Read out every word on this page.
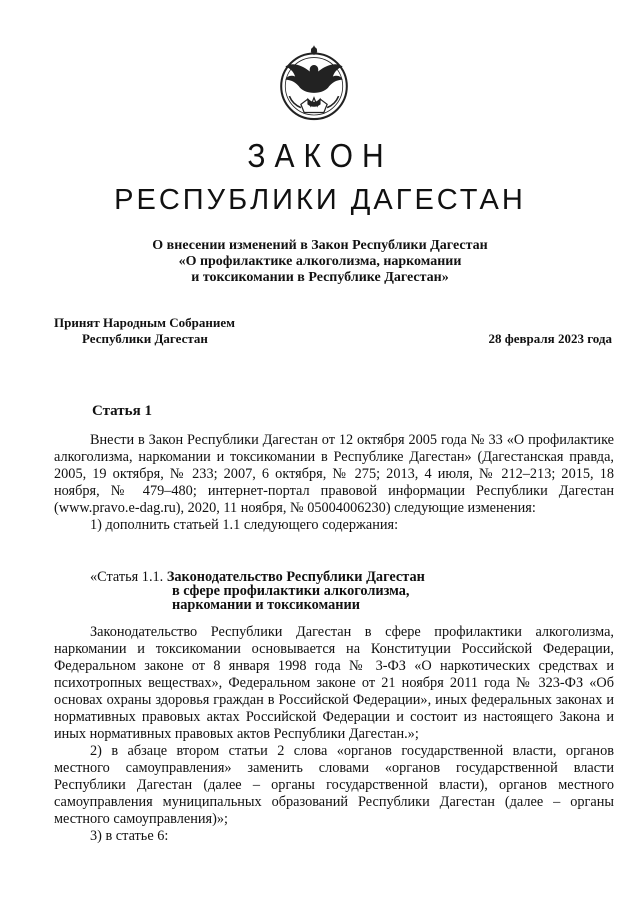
ЗАКОН
РЕСПУБЛИКИ ДАГЕСТАН
О внесении изменений в Закон Республики Дагестан
«О профилактике алкоголизма, наркомании
и токсикомании в Республике Дагестан»
Принят Народным Собранием
Республики Дагестан	28 февраля 2023 года
Статья 1

Внести в Закон Республики Дагестан от 12 октября 2005 года № 33 «О профилактике алкоголизма, наркомании и токсикомании в Республике Дагестан» (Дагестанская правда, 2005, 19 октября, № 233; 2007, 6 октября, № 275; 2013, 4 июля, № 212–213; 2015, 18 ноября, № 479–480; интернет-портал правовой информации Республики Дагестан (www.pravo.e-dag.ru), 2020, 11 ноября, № 05004006230) следующие изменения:

1) дополнить статьей 1.1 следующего содержания:

«Статья 1.1. Законодательство Республики Дагестан
в сфере профилактики алкоголизма,
наркомании и токсикомании

Законодательство Республики Дагестан в сфере профилактики алкоголизма, наркомании и токсикомании основывается на Конституции Российской Федерации, Федеральном законе от 8 января 1998 года № 3-ФЗ «О наркотических средствах и психотропных веществах», Федеральном законе от 21 ноября 2011 года № 323-ФЗ «Об основах охраны здоровья граждан в Российской Федерации», иных федеральных законах и нормативных правовых актах Российской Федерации и состоит из настоящего Закона и иных нормативных правовых актов Республики Дагестан.»;

2) в абзаце втором статьи 2 слова «органов государственной власти, органов местного самоуправления» заменить словами «органов государственной власти Республики Дагестан (далее – органы государственной власти), органов местного самоуправления муниципальных образований Республики Дагестан (далее – органы местного самоуправления)»;

3) в статье 6:
